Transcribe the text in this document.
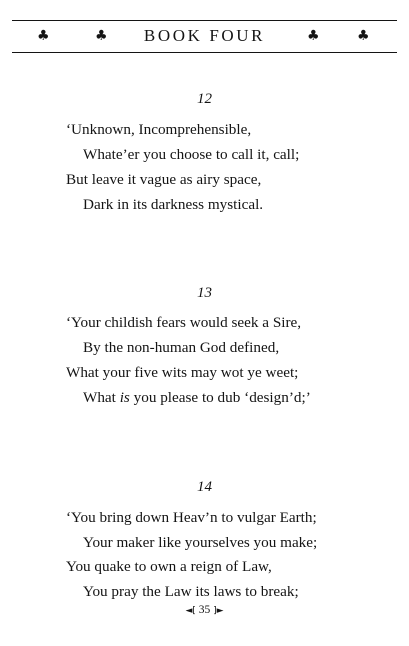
♣	♣	BOOK FOUR	♣	♣
12
‘Unknown, Incomprehensible,
Whate’er you choose to call it, call;
But leave it vague as airy space,
Dark in its darkness mystical.
13
‘Your childish fears would seek a Sire,
By the non-human God defined,
What your five wits may wot ye weet;
What is you please to dub ‘design’d;’
14
‘You bring down Heav’n to vulgar Earth;
Your maker like yourselves you make;
You quake to own a reign of Law,
You pray the Law its laws to break;
◄[ 35 ]►
